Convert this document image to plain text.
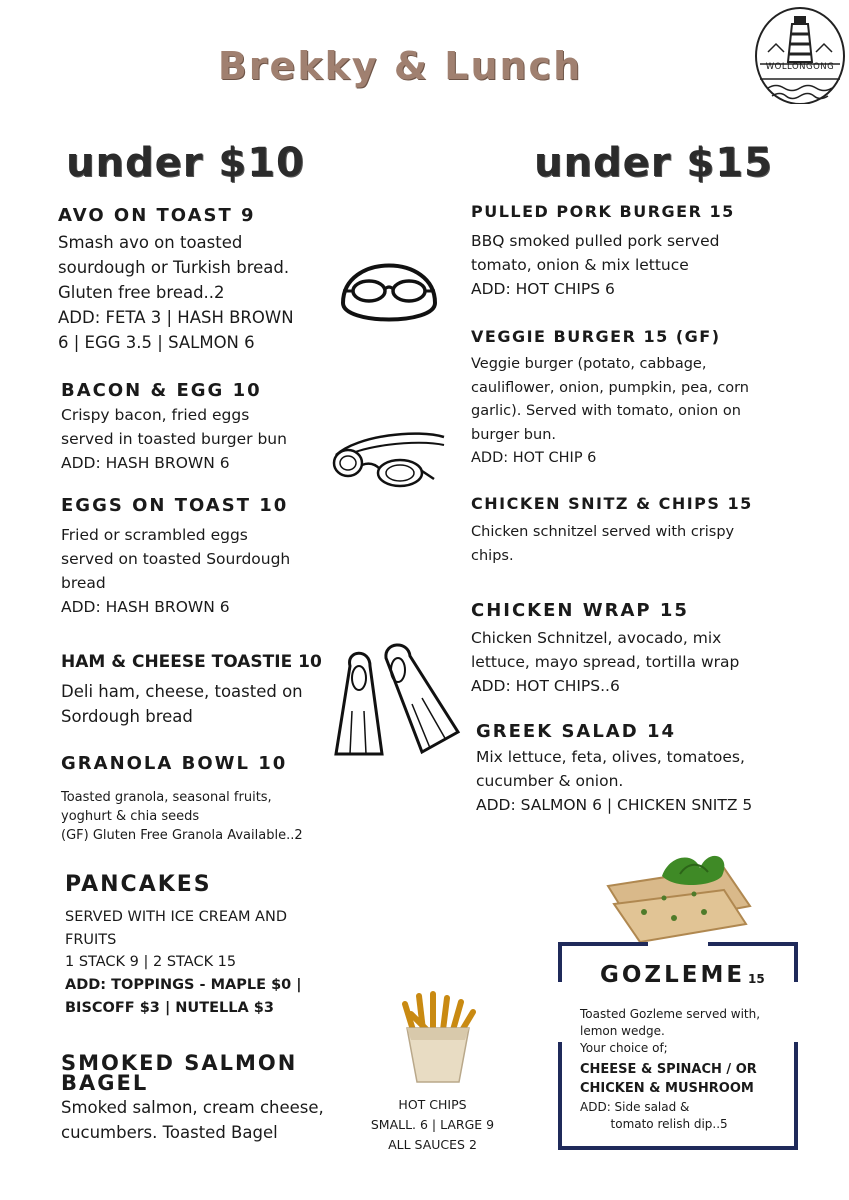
Brekky & Lunch	WOLLONGONG
under $10	under $15
AVO ON TOAST 9
Smash avo on toasted
sourdough or Turkish bread.
Gluten free bread..2
ADD: FETA 3 | HASH BROWN
6 | EGG 3.5 | SALMON 6
BACON & EGG 10
Crispy bacon, fried eggs
served in toasted burger bun
ADD: HASH BROWN 6
EGGS ON TOAST 10
Fried or scrambled eggs
served on toasted Sourdough
bread
ADD: HASH BROWN 6
HAM & CHEESE TOASTIE 10
Deli ham, cheese, toasted on
Sordough bread
GRANOLA BOWL 10
Toasted granola, seasonal fruits,
yoghurt & chia seeds
(GF) Gluten Free Granola Available..2
PANCAKES
SERVED WITH ICE CREAM AND
FRUITS
1 STACK 9 | 2 STACK 15
ADD: TOPPINGS - MAPLE $0 |
BISCOFF $3 | NUTELLA $3
SMOKED SALMON
BAGEL
Smoked salmon, cream cheese,
cucumbers. Toasted Bagel
PULLED PORK BURGER 15
BBQ smoked pulled pork served
tomato, onion & mix lettuce
ADD: HOT CHIPS 6
VEGGIE BURGER 15 (GF)
Veggie burger (potato, cabbage,
cauliflower, onion, pumpkin, pea, corn
garlic). Served with tomato, onion on
burger bun.
ADD: HOT CHIP 6
CHICKEN SNITZ & CHIPS 15
Chicken schnitzel served with crispy
chips.
CHICKEN WRAP 15
Chicken Schnitzel, avocado, mix
lettuce, mayo spread, tortilla wrap
ADD: HOT CHIPS..6
GREEK SALAD 14
Mix lettuce, feta, olives, tomatoes,
cucumber & onion.
ADD: SALMON 6 | CHICKEN SNITZ 5
HOT CHIPS
SMALL. 6 | LARGE 9
ALL SAUCES 2
GOZLEME 15
Toasted Gozleme served with,
lemon wedge.
Your choice of;
CHEESE & SPINACH / OR
CHICKEN & MUSHROOM
ADD: Side salad &
tomato relish dip..5
